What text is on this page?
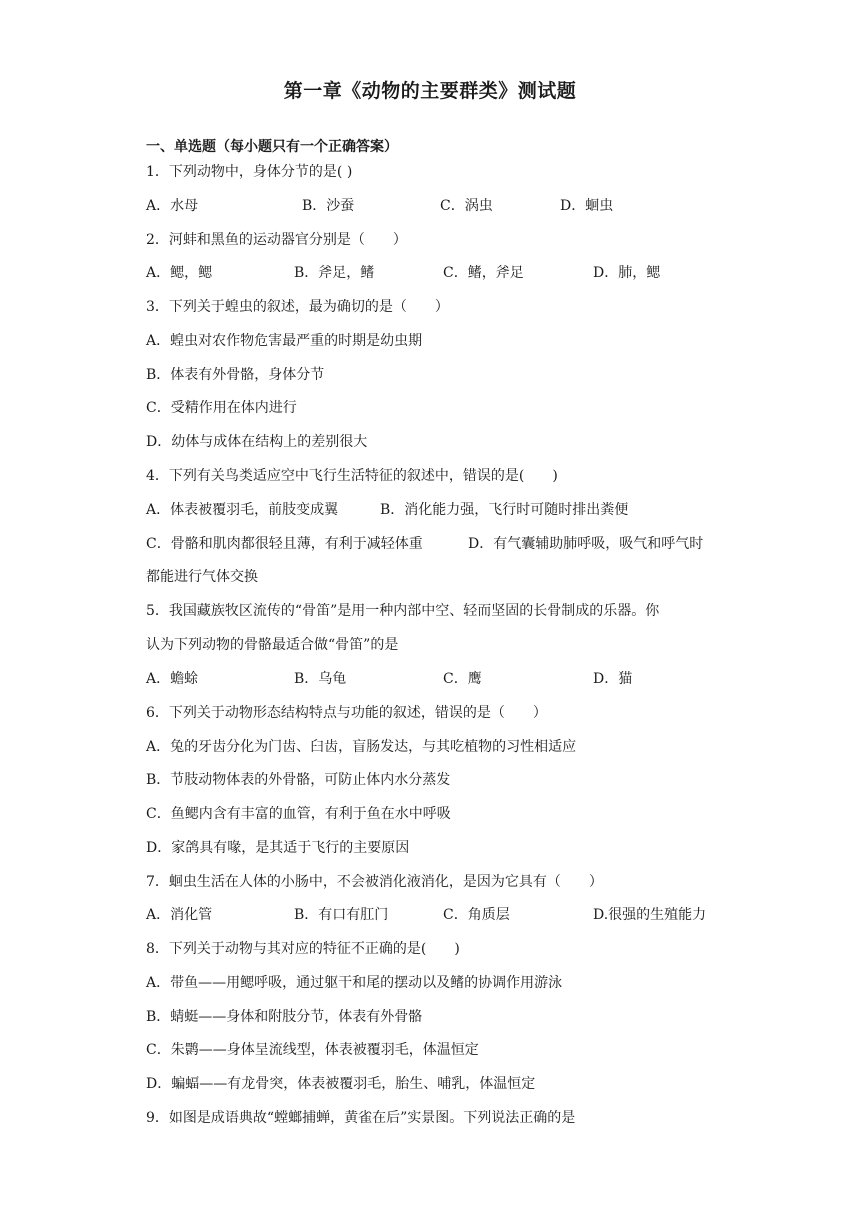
第一章《动物的主要群类》测试题
一、单选题（每小题只有一个正确答案）
1．下列动物中，身体分节的是( )
A．水母	B．沙蚕	C．涡虫	D．蛔虫
2．河蚌和黑鱼的运动器官分别是（　　）
A．鳃，鳃	B．斧足，鳍	C．鳍，斧足	D．肺，鳃
3．下列关于蝗虫的叙述，最为确切的是（　　）
A．蝗虫对农作物危害最严重的时期是幼虫期
B．体表有外骨骼，身体分节
C．受精作用在体内进行
D．幼体与成体在结构上的差别很大
4．下列有关鸟类适应空中飞行生活特征的叙述中，错误的是(　　)
A．体表被覆羽毛，前肢变成翼	B．消化能力强，飞行时可随时排出粪便
C．骨骼和肌肉都很轻且薄，有利于减轻体重	D．有气囊辅助肺呼吸，吸气和呼气时
都能进行气体交换
5．我国藏族牧区流传的“骨笛”是用一种内部中空、轻而坚固的长骨制成的乐器。你
认为下列动物的骨骼最适合做“骨笛”的是
A．蟾蜍	B．乌龟	C．鹰	D．猫
6．下列关于动物形态结构特点与功能的叙述，错误的是（　　）
A．兔的牙齿分化为门齿、臼齿，盲肠发达，与其吃植物的习性相适应
B．节肢动物体表的外骨骼，可防止体内水分蒸发
C．鱼鳃内含有丰富的血管，有利于鱼在水中呼吸
D．家鸽具有喙，是其适于飞行的主要原因
7．蛔虫生活在人体的小肠中，不会被消化液消化，是因为它具有（　　）
A．消化管	B．有口有肛门	C．角质层	D.很强的生殖能力
8．下列关于动物与其对应的特征不正确的是(　　)
A．带鱼——用鳃呼吸，通过躯干和尾的摆动以及鳍的协调作用游泳
B．蜻蜓——身体和附肢分节，体表有外骨骼
C．朱鹮——身体呈流线型，体表被覆羽毛，体温恒定
D．蝙蝠——有龙骨突，体表被覆羽毛，胎生、哺乳，体温恒定
9．如图是成语典故“螳螂捕蝉，黄雀在后”实景图。下列说法正确的是
